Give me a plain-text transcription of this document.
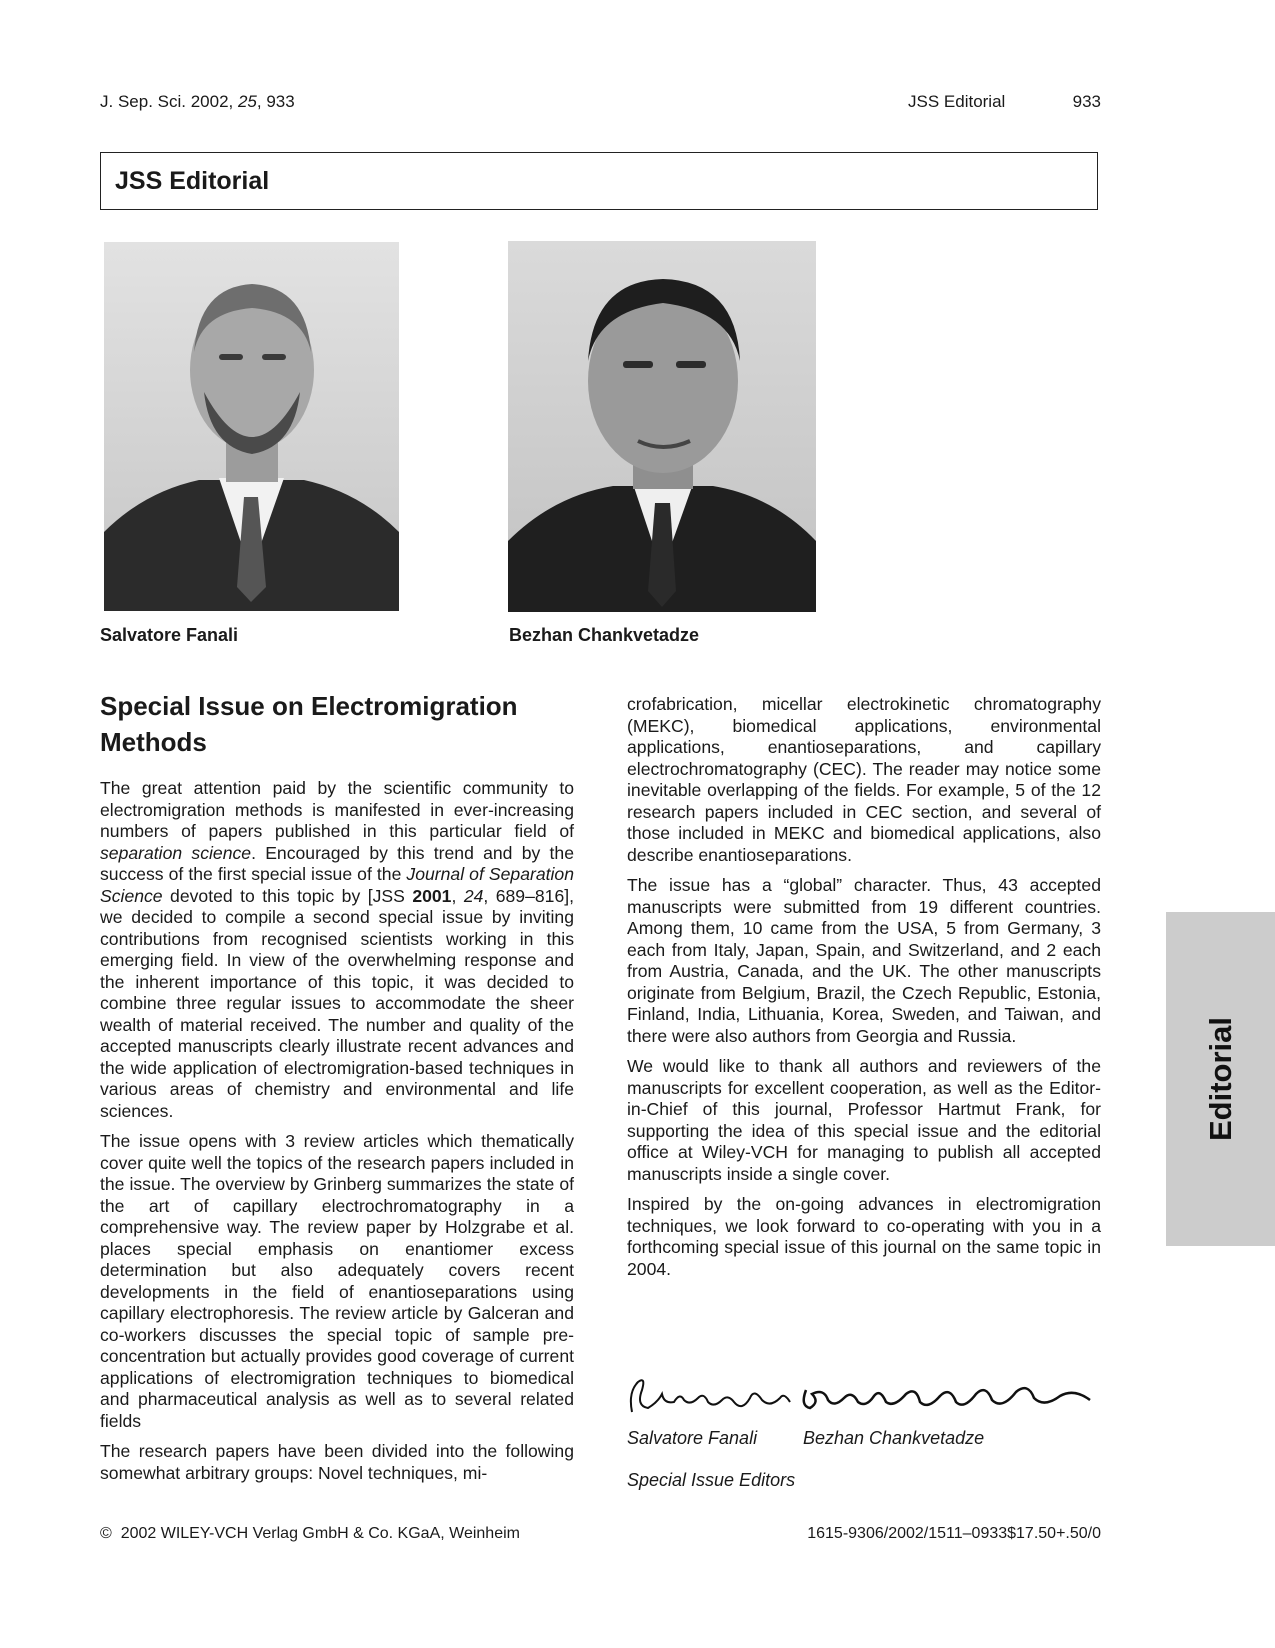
J. Sep. Sci. 2002, 25, 933	JSS Editorial	933
JSS Editorial
Salvatore Fanali	Bezhan Chankvetadze
Special Issue on Electromigration
Methods

The great attention paid by the scientific community to electromigration methods is manifested in ever-increasing numbers of papers published in this particular field of separation science. Encouraged by this trend and by the success of the first special issue of the Journal of Separation Science devoted to this topic by [JSS 2001, 24, 689–816], we decided to compile a second special issue by inviting contributions from recognised scientists working in this emerging field. In view of the overwhelming response and the inherent importance of this topic, it was decided to combine three regular issues to accommodate the sheer wealth of material received. The number and quality of the accepted manuscripts clearly illustrate recent advances and the wide application of electromigration-based techniques in various areas of chemistry and environmental and life sciences.

The issue opens with 3 review articles which thematically cover quite well the topics of the research papers included in the issue. The overview by Grinberg summarizes the state of the art of capillary electrochromatography in a comprehensive way. The review paper by Holzgrabe et al. places special emphasis on enantiomer excess determination but also adequately covers recent developments in the field of enantioseparations using capillary electrophoresis. The review article by Galceran and co-workers discusses the special topic of sample pre-concentration but actually provides good coverage of current applications of electromigration techniques to biomedical and pharmaceutical analysis as well as to several related fields

The research papers have been divided into the following somewhat arbitrary groups: Novel techniques, mi-

crofabrication, micellar electrokinetic chromatography (MEKC), biomedical applications, environmental applications, enantioseparations, and capillary electrochromatography (CEC). The reader may notice some inevitable overlapping of the fields. For example, 5 of the 12 research papers included in CEC section, and several of those included in MEKC and biomedical applications, also describe enantioseparations.

The issue has a “global” character. Thus, 43 accepted manuscripts were submitted from 19 different countries. Among them, 10 came from the USA, 5 from Germany, 3 each from Italy, Japan, Spain, and Switzerland, and 2 each from Austria, Canada, and the UK. The other manuscripts originate from Belgium, Brazil, the Czech Republic, Estonia, Finland, India, Lithuania, Korea, Sweden, and Taiwan, and there were also authors from Georgia and Russia.

We would like to thank all authors and reviewers of the manuscripts for excellent cooperation, as well as the Editor-in-Chief of this journal, Professor Hartmut Frank, for supporting the idea of this special issue and the editorial office at Wiley-VCH for managing to publish all accepted manuscripts inside a single cover.

Inspired by the on-going advances in electromigration techniques, we look forward to co-operating with you in a forthcoming special issue of this journal on the same topic in 2004.

Salvatore Fanali	Bezhan Chankvetadze
Special Issue Editors
Editorial
© 2002 WILEY-VCH Verlag GmbH & Co. KGaA, Weinheim	1615-9306/2002/1511–0933$17.50+.50/0
